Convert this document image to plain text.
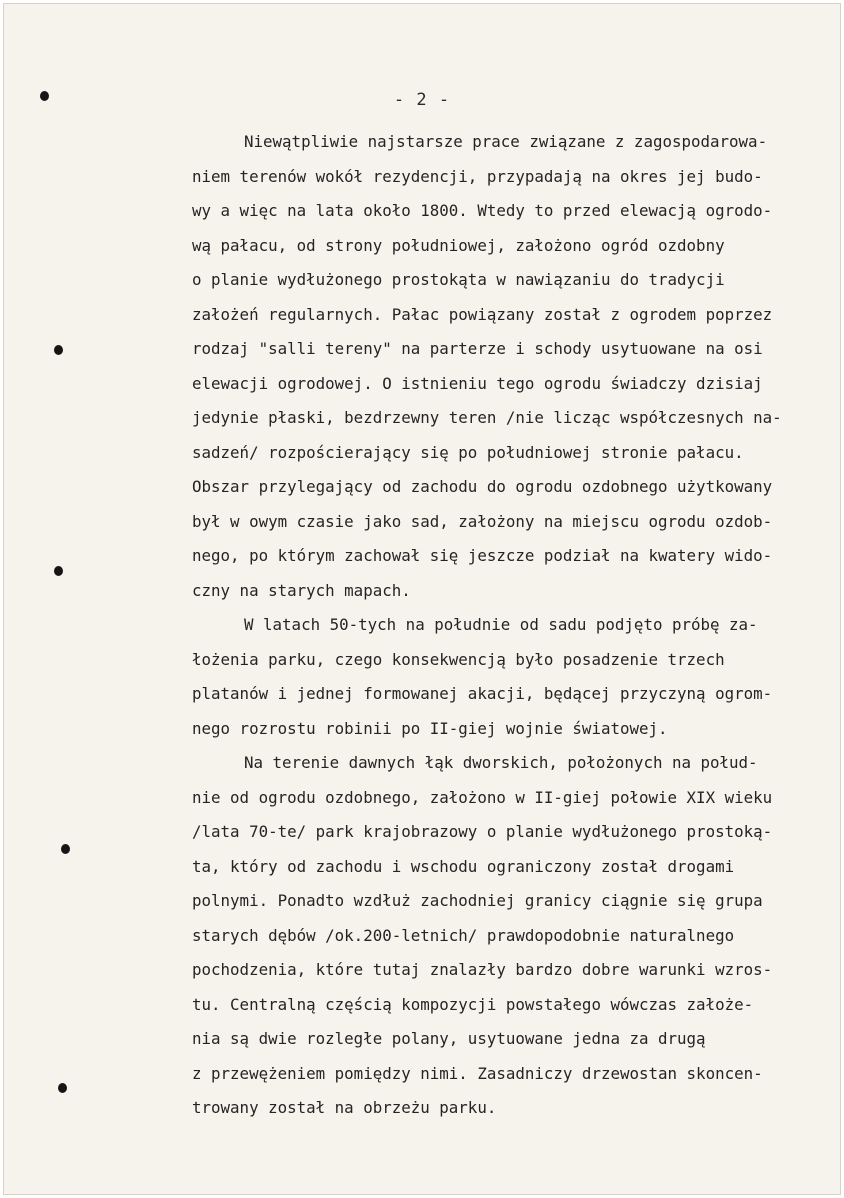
- 2 -
Niewątpliwie najstarsze prace związane z zagospodarowa-
niem terenów wokół rezydencji, przypadają na okres jej budo-
wy a więc na lata około 1800. Wtedy to przed elewacją ogrodo-
wą pałacu, od strony południowej, założono ogród ozdobny
o planie wydłużonego prostokąta w nawiązaniu do tradycji
założeń regularnych. Pałac powiązany został z ogrodem poprzez
rodzaj "salli tereny" na parterze i schody usytuowane na osi
elewacji ogrodowej. O istnieniu tego ogrodu świadczy dzisiaj
jedynie płaski, bezdrzewny teren /nie licząc współczesnych na-
sadzeń/ rozpościerający się po południowej stronie pałacu.
Obszar przylegający od zachodu do ogrodu ozdobnego użytkowany
był w owym czasie jako sad, założony na miejscu ogrodu ozdob-
nego, po którym zachował się jeszcze podział na kwatery wido-
czny na starych mapach.
W latach 50-tych na południe od sadu podjęto próbę za-
łożenia parku, czego konsekwencją było posadzenie trzech
platanów i jednej formowanej akacji, będącej przyczyną ogrom-
nego rozrostu robinii po II-giej wojnie światowej.
Na terenie dawnych łąk dworskich, położonych na połud-
nie od ogrodu ozdobnego, założono w II-giej połowie XIX wieku
/lata 70-te/ park krajobrazowy o planie wydłużonego prostoką-
ta, który od zachodu i wschodu ograniczony został drogami
polnymi. Ponadto wzdłuż zachodniej granicy ciągnie się grupa
starych dębów /ok.200-letnich/ prawdopodobnie naturalnego
pochodzenia, które tutaj znalazły bardzo dobre warunki wzros-
tu. Centralną częścią kompozycji powstałego wówczas założe-
nia są dwie rozległe polany, usytuowane jedna za drugą
z przewężeniem pomiędzy nimi. Zasadniczy drzewostan skoncen-
trowany został na obrzeżu parku.
